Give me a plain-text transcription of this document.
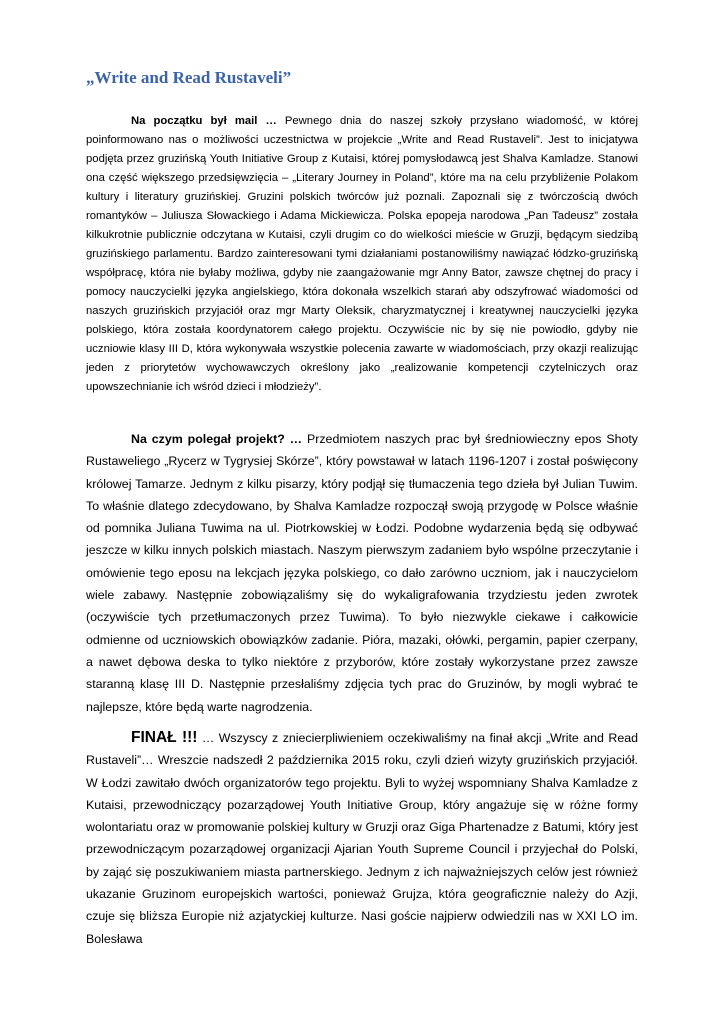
„Write and Read Rustaveli”

Na początku był mail … Pewnego dnia do naszej szkoły przysłano wiadomość, w której poinformowano nas o możliwości uczestnictwa w projekcie „Write and Read Rustaveli”. Jest to inicjatywa podjęta przez gruzińską Youth Initiative Group z Kutaisi, której pomysłodawcą jest Shalva Kamladze. Stanowi ona część większego przedsięwzięcia – „Literary Journey in Poland”, które ma na celu przybliżenie Polakom kultury i literatury gruzińskiej. Gruzini polskich twórców już poznali. Zapoznali się z twórczością dwóch romantyków – Juliusza Słowackiego i Adama Mickiewicza. Polska epopeja narodowa „Pan Tadeusz” została kilkukrotnie publicznie odczytana w Kutaisi, czyli drugim co do wielkości mieście w Gruzji, będącym siedzibą gruzińskiego parlamentu. Bardzo zainteresowani tymi działaniami postanowiliśmy nawiązać łódzko-gruzińską współpracę, która nie byłaby możliwa, gdyby nie zaangażowanie mgr Anny Bator, zawsze chętnej do pracy i pomocy nauczycielki języka angielskiego, która dokonała wszelkich starań aby odszyfrować wiadomości od naszych gruzińskich przyjaciół oraz mgr Marty Oleksik, charyzmatycznej i kreatywnej nauczycielki języka polskiego, która została koordynatorem całego projektu. Oczywiście nic by się nie powiodło, gdyby nie uczniowie klasy III D, która wykonywała wszystkie polecenia zawarte w wiadomościach, przy okazji realizując jeden z priorytetów wychowawczych określony jako „realizowanie kompetencji czytelniczych oraz upowszechnianie ich wśród dzieci i młodzieży”.

Na czym polegał projekt? … Przedmiotem naszych prac był średniowieczny epos Shoty Rustaweliego „Rycerz w Tygrysiej Skórze”, który powstawał w latach 1196-1207 i został poświęcony królowej Tamarze. Jednym z kilku pisarzy, który podjął się tłumaczenia tego dzieła był Julian Tuwim. To właśnie dlatego zdecydowano, by Shalva Kamladze rozpoczął swoją przygodę w Polsce właśnie od pomnika Juliana Tuwima na ul. Piotrkowskiej w Łodzi. Podobne wydarzenia będą się odbywać jeszcze w kilku innych polskich miastach. Naszym pierwszym zadaniem było wspólne przeczytanie i omówienie tego eposu na lekcjach języka polskiego, co dało zarówno uczniom, jak i nauczycielom wiele zabawy. Następnie zobowiązaliśmy się do wykaligrafowania trzydziestu jeden zwrotek (oczywiście tych przetłumaczonych przez Tuwima). To było niezwykle ciekawe i całkowicie odmienne od uczniowskich obowiązków zadanie. Pióra, mazaki, ołówki, pergamin, papier czerpany, a nawet dębowa deska to tylko niektóre z przyborów, które zostały wykorzystane przez zawsze staranną klasę III D. Następnie przesłaliśmy zdjęcia tych prac do Gruzinów, by mogli wybrać te najlepsze, które będą warte nagrodzenia.

FINAŁ !!! … Wszyscy z zniecierpliwieniem oczekiwaliśmy na finał akcji „Write and Read Rustaveli”… Wreszcie nadszedł 2 października 2015 roku, czyli dzień wizyty gruzińskich przyjaciół. W Łodzi zawitało dwóch organizatorów tego projektu. Byli to wyżej wspomniany Shalva Kamladze z Kutaisi, przewodniczący pozarządowej Youth Initiative Group, który angażuje się w różne formy wolontariatu oraz w promowanie polskiej kultury w Gruzji oraz Giga Phartenadze z Batumi, który jest przewodniczącym pozarządowej organizacji Ajarian Youth Supreme Council i przyjechał do Polski, by zająć się poszukiwaniem miasta partnerskiego. Jednym z ich najważniejszych celów jest również ukazanie Gruzinom europejskich wartości, ponieważ Grujza, która geograficznie należy do Azji, czuje się bliższa Europie niż azjatyckiej kulturze. Nasi goście najpierw odwiedzili nas w XXI LO im. Bolesława
